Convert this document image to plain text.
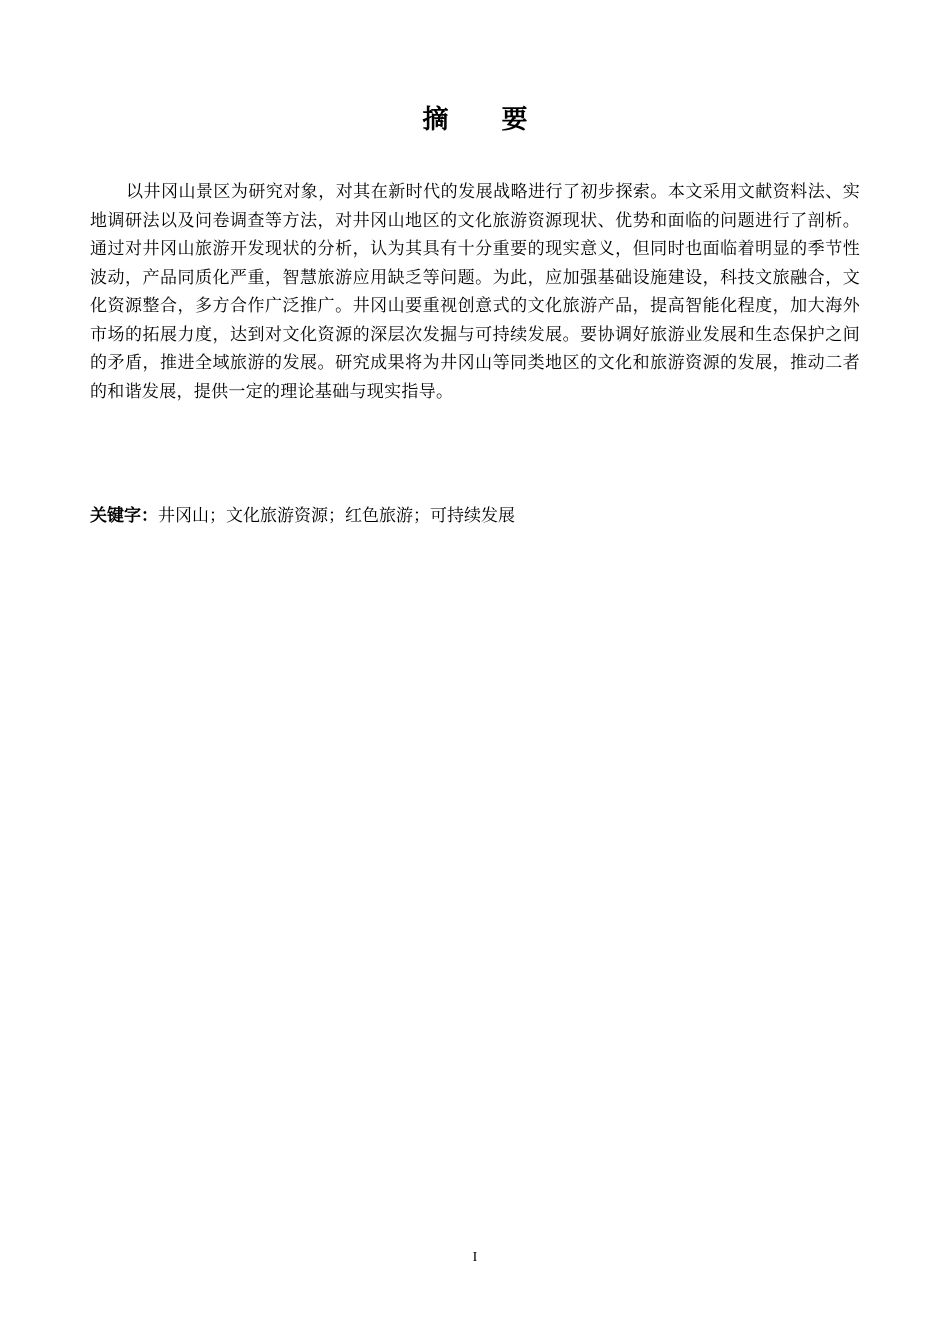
摘 要

以井冈山景区为研究对象，对其在新时代的发展战略进行了初步探索。本文采用文献资料法、实地调研法以及问卷调查等方法，对井冈山地区的文化旅游资源现状、优势和面临的问题进行了剖析。通过对井冈山旅游开发现状的分析，认为其具有十分重要的现实意义，但同时也面临着明显的季节性波动，产品同质化严重，智慧旅游应用缺乏等问题。为此，应加强基础设施建设，科技文旅融合，文化资源整合，多方合作广泛推广。井冈山要重视创意式的文化旅游产品，提高智能化程度，加大海外市场的拓展力度，达到对文化资源的深层次发掘与可持续发展。要协调好旅游业发展和生态保护之间的矛盾，推进全域旅游的发展。研究成果将为井冈山等同类地区的文化和旅游资源的发展，推动二者的和谐发展，提供一定的理论基础与现实指导。

关键字：井冈山；文化旅游资源；红色旅游；可持续发展

I
